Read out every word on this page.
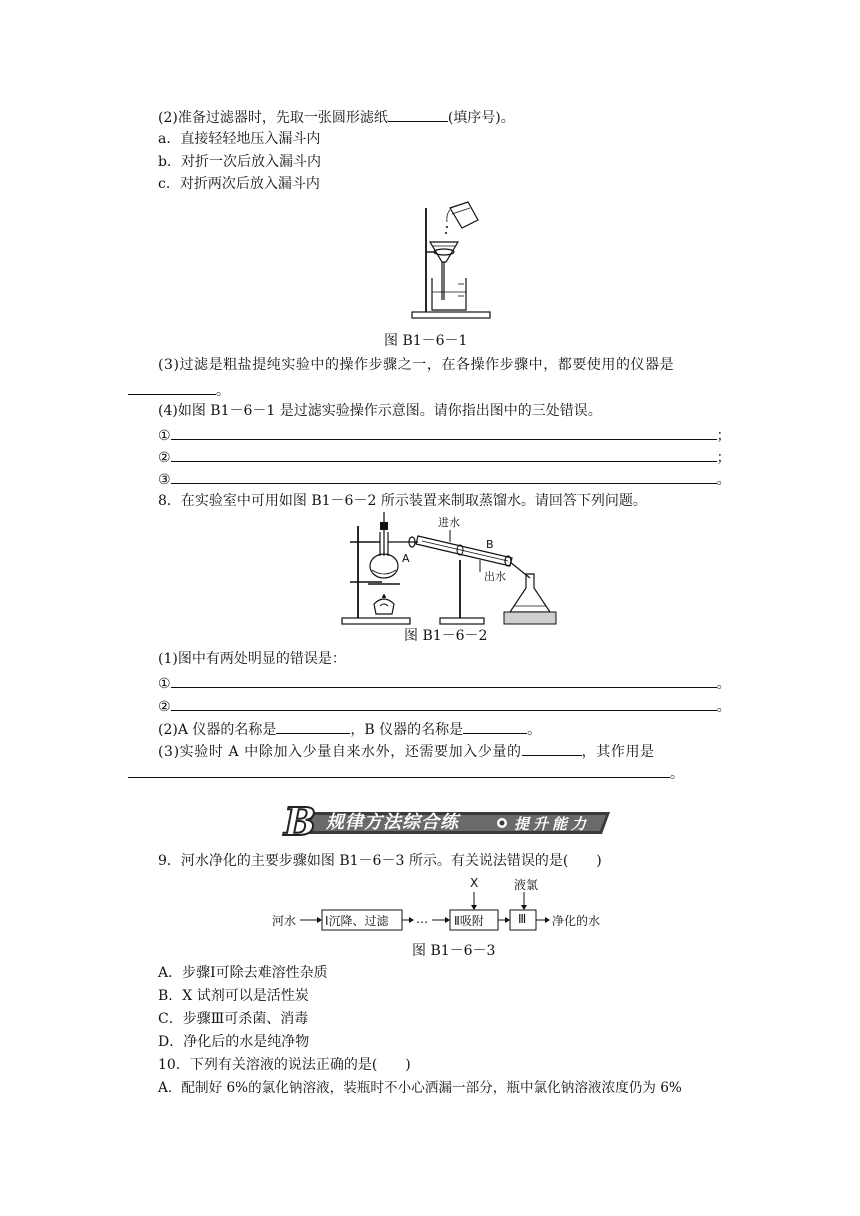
(2)准备过滤器时，先取一张圆形滤纸	(填序号)。
a．直接轻轻地压入漏斗内
b．对折一次后放入漏斗内
c．对折两次后放入漏斗内
图 B1－6－1
(3)过滤是粗盐提纯实验中的操作步骤之一，在各操作步骤中，都要使用的仪器是
。
(4)如图 B1－6－1 是过滤实验操作示意图。请你指出图中的三处错误。
①	；
②	；
③	。
8．在实验室中可用如图 B1－6－2 所示装置来制取蒸馏水。请回答下列问题。
进水
出水
A
B
图 B1－6－2
(1)图中有两处明显的错误是：
①	。
②	。
(2)A 仪器的名称是	，B 仪器的名称是	。
(3)实验时 A 中除加入少量自来水外，还需要加入少量的	，其作用是
。
B 规律方法综合练	提升能力
9．河水净化的主要步骤如图 B1－6－3 所示。有关说法错误的是(　　)
X	液氯
河水 Ⅰ沉降、过滤 … Ⅱ吸附	Ⅲ 净化的水
图 B1－6－3
A．步骤Ⅰ可除去难溶性杂质
B．X 试剂可以是活性炭
C．步骤Ⅲ可杀菌、消毒
D．净化后的水是纯净物
10．下列有关溶液的说法正确的是(　　)
A．配制好 6%的氯化钠溶液，装瓶时不小心洒漏一部分，瓶中氯化钠溶液浓度仍为 6%
